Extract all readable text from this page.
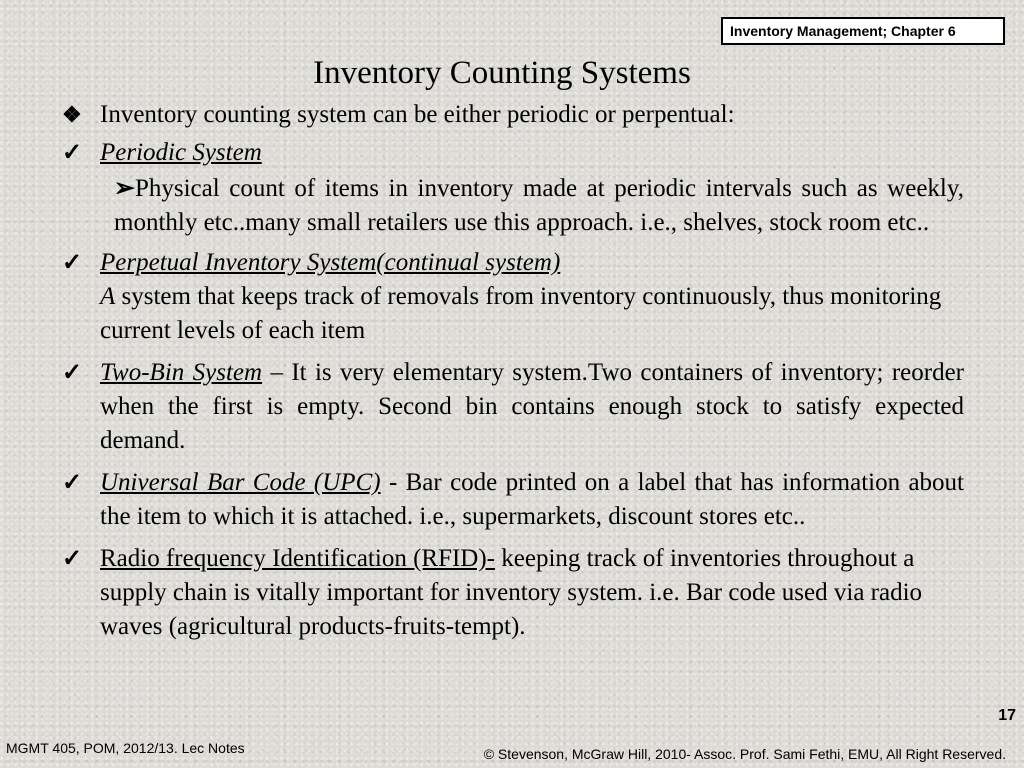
Inventory Management; Chapter 6
Inventory Counting Systems
❖ Inventory counting system can be either periodic or perpentual:
✓ Periodic System
➢Physical count of items in inventory made at periodic intervals such as weekly, monthly etc..many small retailers use this approach. i.e., shelves, stock room etc..
✓ Perpetual Inventory System(continual system)
A system that keeps track of removals from inventory continuously, thus monitoring current levels of each item
✓ Two-Bin System – It is very elementary system.Two containers of inventory; reorder when the first is empty. Second bin contains enough stock to satisfy expected demand.
✓ Universal Bar Code (UPC) - Bar code printed on a label that has information about the item to which it is attached. i.e., supermarkets, discount stores etc..
✓ Radio frequency Identification (RFID)- keeping track of inventories throughout a supply chain is vitally important for inventory system. i.e. Bar code used via radio waves (agricultural products-fruits-tempt).
17
MGMT 405, POM, 2012/13. Lec Notes	© Stevenson, McGraw Hill, 2010- Assoc. Prof. Sami Fethi, EMU, All Right Reserved.
